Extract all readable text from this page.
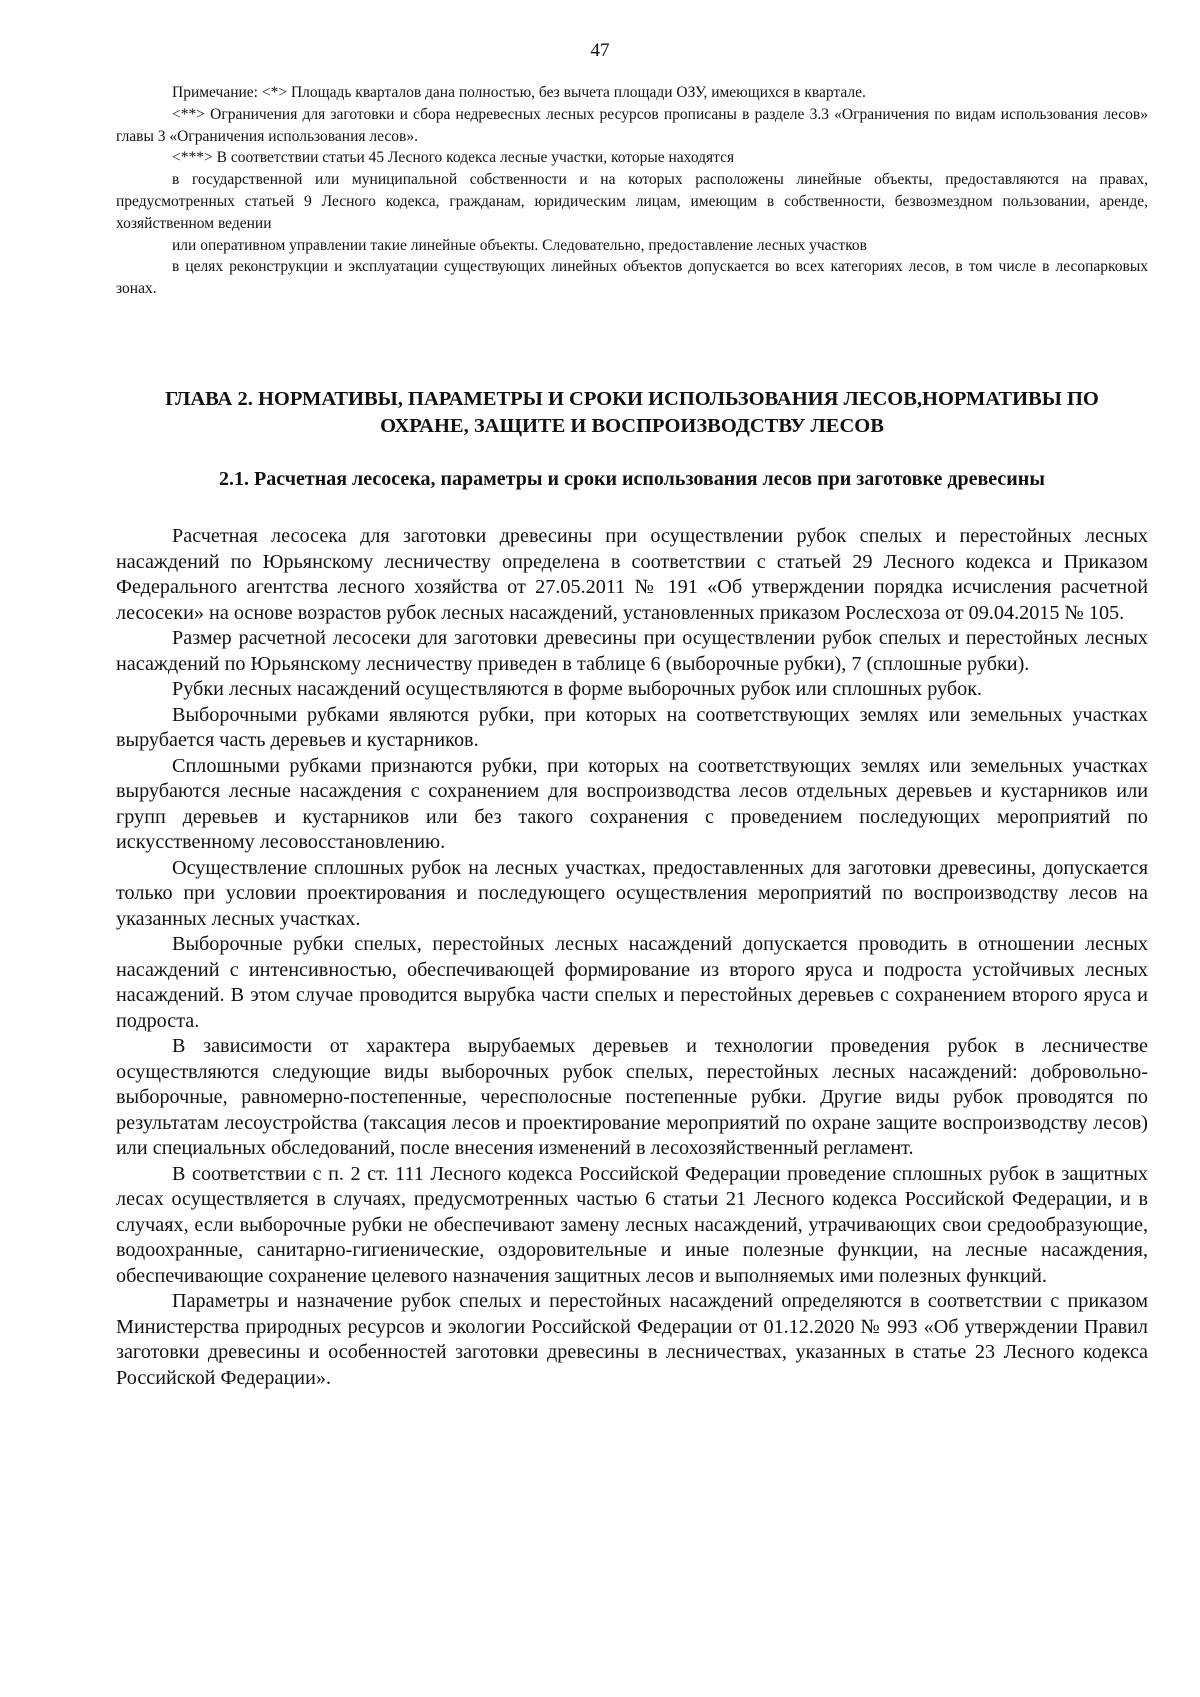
47

Примечание: <*> Площадь кварталов дана полностью, без вычета площади ОЗУ, имеющихся в квартале.

<**> Ограничения для заготовки и сбора недревесных лесных ресурсов прописаны в разделе 3.3 «Ограничения по видам использования лесов» главы 3 «Ограничения использования лесов».

<***> В соответствии статьи 45 Лесного кодекса лесные участки, которые находятся

в государственной или муниципальной собственности и на которых расположены линейные объекты, предоставляются на правах, предусмотренных статьей 9 Лесного кодекса, гражданам, юридическим лицам, имеющим в собственности, безвозмездном пользовании, аренде, хозяйственном ведении

или оперативном управлении такие линейные объекты. Следовательно, предоставление лесных участков

в целях реконструкции и эксплуатации существующих линейных объектов допускается во всех категориях лесов, в том числе в лесопарковых зонах.

ГЛАВА 2. НОРМАТИВЫ, ПАРАМЕТРЫ И СРОКИ ИСПОЛЬЗОВАНИЯ ЛЕСОВ,НОРМАТИВЫ ПО
ОХРАНЕ, ЗАЩИТЕ И ВОСПРОИЗВОДСТВУ ЛЕСОВ
2.1. Расчетная лесосека, параметры и сроки использования лесов при заготовке древесины

Расчетная лесосека для заготовки древесины при осуществлении рубок спелых и перестойных лесных насаждений по Юрьянскому лесничеству определена в соответствии с статьей 29 Лесного кодекса и Приказом Федерального агентства лесного хозяйства от 27.05.2011 № 191 «Об утверждении порядка исчисления расчетной лесосеки» на основе возрастов рубок лесных насаждений, установленных приказом Рослесхоза от 09.04.2015 № 105.

Размер расчетной лесосеки для заготовки древесины при осуществлении рубок спелых и перестойных лесных насаждений по Юрьянскому лесничеству приведен в таблице 6 (выборочные рубки), 7 (сплошные рубки).

Рубки лесных насаждений осуществляются в форме выборочных рубок или сплошных рубок.

Выборочными рубками являются рубки, при которых на соответствующих землях или земельных участках вырубается часть деревьев и кустарников.

Сплошными рубками признаются рубки, при которых на соответствующих землях или земельных участках вырубаются лесные насаждения с сохранением для воспроизводства лесов отдельных деревьев и кустарников или групп деревьев и кустарников или без такого сохранения с проведением последующих мероприятий по искусственному лесовосстановлению.

Осуществление сплошных рубок на лесных участках, предоставленных для заготовки древесины, допускается только при условии проектирования и последующего осуществления мероприятий по воспроизводству лесов на указанных лесных участках.

Выборочные рубки спелых, перестойных лесных насаждений допускается проводить в отношении лесных насаждений с интенсивностью, обеспечивающей формирование из второго яруса и подроста устойчивых лесных насаждений. В этом случае проводится вырубка части спелых и перестойных деревьев с сохранением второго яруса и подроста.

В зависимости от характера вырубаемых деревьев и технологии проведения рубок в лесничестве осуществляются следующие виды выборочных рубок спелых, перестойных лесных насаждений: добровольно-выборочные, равномерно-постепенные, чересполосные постепенные рубки. Другие виды рубок проводятся по результатам лесоустройства (таксация лесов и проектирование мероприятий по охране защите воспроизводству лесов) или специальных обследований, после внесения изменений в лесохозяйственный регламент.

В соответствии с п. 2 ст. 111 Лесного кодекса Российской Федерации проведение сплошных рубок в защитных лесах осуществляется в случаях, предусмотренных частью 6 статьи 21 Лесного кодекса Российской Федерации, и в случаях, если выборочные рубки не обеспечивают замену лесных насаждений, утрачивающих свои средообразующие, водоохранные, санитарно-гигиенические, оздоровительные и иные полезные функции, на лесные насаждения, обеспечивающие сохранение целевого назначения защитных лесов и выполняемых ими полезных функций.

Параметры и назначение рубок спелых и перестойных насаждений определяются в соответствии с приказом Министерства природных ресурсов и экологии Российской Федерации от 01.12.2020 № 993 «Об утверждении Правил заготовки древесины и особенностей заготовки древесины в лесничествах, указанных в статье 23 Лесного кодекса Российской Федерации».
